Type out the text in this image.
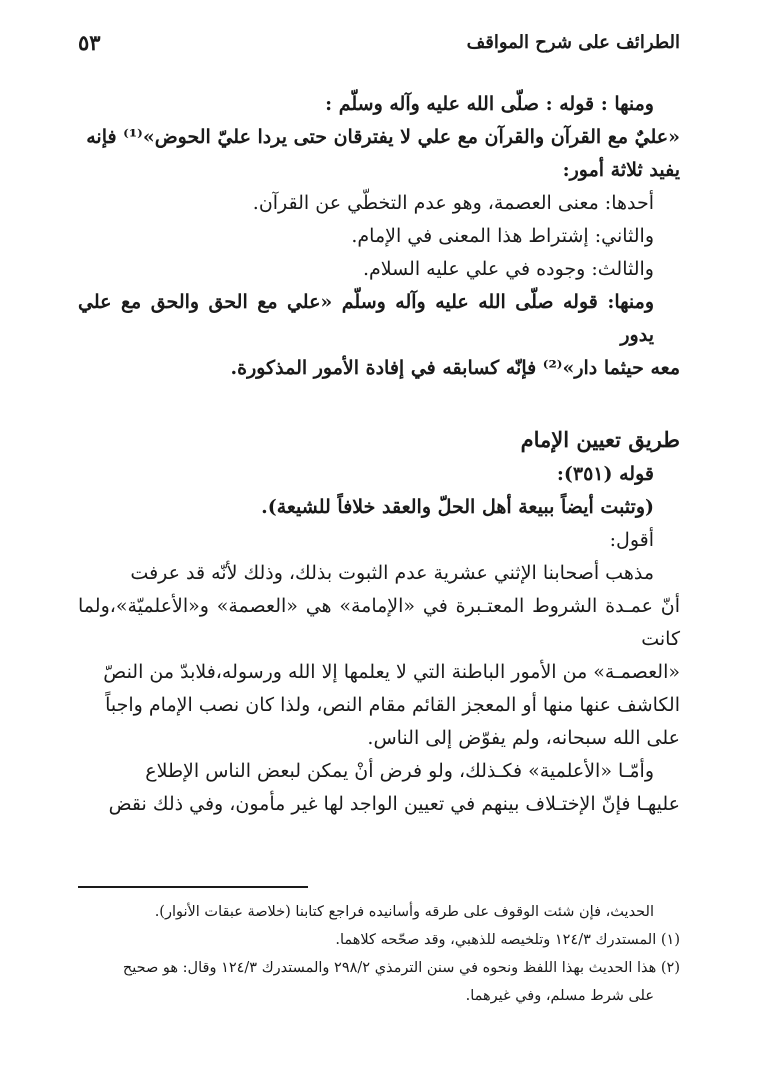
الطرائف على شرح المواقف
٥٣

ومنها : قوله : صلّى الله عليه وآله وسلّم :

«عليٌ مع القرآن والقرآن مع علي لا يفترقان حتى يردا عليّ الحوض»⁽¹⁾ فإنه

يفيد ثلاثة أمور:

أحدها: معنى العصمة، وهو عدم التخطّي عن القرآن.

والثاني: إشتراط هذا المعنى في الإمام.

والثالث: وجوده في علي عليه السلام.

ومنها: قوله صلّى الله عليه وآله وسلّم «علي مع الحق والحق مع علي يدور

معه حيثما دار»⁽²⁾ فإنّه كسابقه في إفادة الأمور المذكورة.

طريق تعيين الإمام

قوله (٣٥١):

(وتثبت أيضاً ببيعة أهل الحلّ والعقد خلافاً للشيعة).

أقول:

مذهب أصحابنا الإثني عشرية عدم الثبوت بذلك، وذلك لأنّه قد عرفت

أنّ عمـدة الشروط المعتـبرة في «الإمامة» هي «العصمة» و«الأعلميّة»،ولما كانت

«العصمـة» من الأمور الباطنة التي لا يعلمها إلا الله ورسوله،فلابدّ من النصّ

الكاشف عنها منها أو المعجز القائم مقام النص، ولذا كان نصب الإمام واجباً

على الله سبحانه، ولم يفوّض إلى الناس.

وأمّـا «الأعلمية» فكـذلك، ولو فرض أنْ يمكن لبعض الناس الإطلاع

عليهـا فإنّ الإختـلاف بينهم في تعيين الواجد لها غير مأمون، وفي ذلك نقض

الحديث، فإن شئت الوقوف على طرقه وأسانيده فراجع كتابنا (خلاصة عبقات الأنوار).

(١) المستدرك ١٢٤/٣ وتلخيصه للذهبي، وقد صحّحه كلاهما.

(٢) هذا الحديث بهذا اللفظ ونحوه في سنن الترمذي ٢٩٨/٢ والمستدرك ١٢٤/٣ وقال: هو صحيح

على شرط مسلم، وفي غيرهما.
